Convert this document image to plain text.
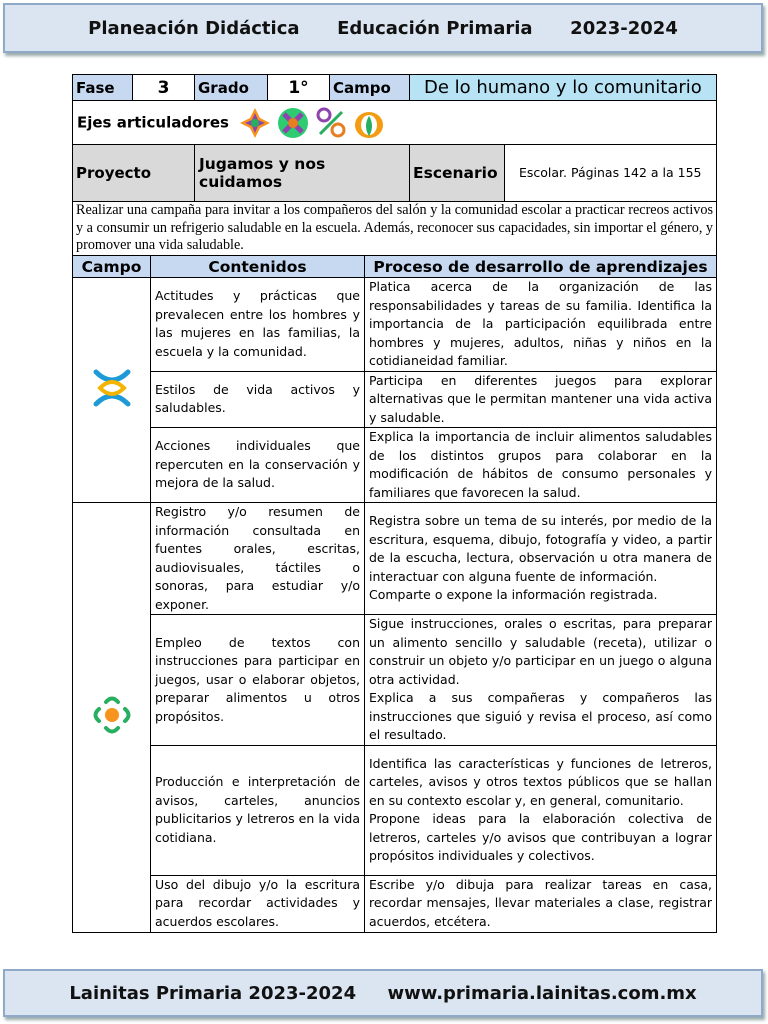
Planeación Didáctica
Educación Primaria
2023-2024
Fase	3	Grado	1°	Campo	De lo humano y lo comunitario
Ejes articuladores

Proyecto	Jugamos y nos cuidamos		Escenario	Escolar. Páginas 142 a la 155

Realizar una campaña para invitar a los compañeros del salón y la comunidad escolar a practicar recreos activos y a consumir un refrigerio saludable en la escuela. Además, reconocer sus capacidades, sin importar el género, y promover una vida saludable.
Campo	Contenidos	Proceso de desarrollo de aprendizajes
	Actitudes y prácticas que prevalecen entre los hombres y las mujeres en las familias, la escuela y la comunidad.	Platica acerca de la organización de las responsabilidades y tareas de su familia. Identifica la importancia de la participación equilibrada entre hombres y mujeres, adultos, niñas y niños en la cotidianeidad familiar.
	Estilos de vida activos y saludables.	Participa en diferentes juegos para explorar alternativas que le permitan mantener una vida activa y saludable.
	Acciones individuales que repercuten en la conservación y mejora de la salud.	Explica la importancia de incluir alimentos saludables de los distintos grupos para colaborar en la modificación de hábitos de consumo personales y familiares que favorecen la salud.
	Registro y/o resumen de información consultada en fuentes orales, escritas, audiovisuales, táctiles o sonoras, para estudiar y/o exponer.	Registra sobre un tema de su interés, por medio de la escritura, esquema, dibujo, fotografía y video, a partir de la escucha, lectura, observación u otra manera de interactuar con alguna fuente de información.
Comparte o expone la información registrada.

	Empleo de textos con instrucciones para participar en juegos, usar o elaborar objetos, preparar alimentos u otros propósitos.	Sigue instrucciones, orales o escritas, para preparar un alimento sencillo y saludable (receta), utilizar o construir un objeto y/o participar en un juego o alguna otra actividad.
Explica a sus compañeras y compañeros las instrucciones que siguió y revisa el proceso, así como el resultado.

	Producción e interpretación de avisos, carteles, anuncios publicitarios y letreros en la vida cotidiana.	Identifica las características y funciones de letreros, carteles, avisos y otros textos públicos que se hallan en su contexto escolar y, en general, comunitario.
Propone ideas para la elaboración colectiva de letreros, carteles y/o avisos que contribuyan a lograr propósitos individuales y colectivos.

	Uso del dibujo y/o la escritura para recordar actividades y acuerdos escolares.	Escribe y/o dibuja para realizar tareas en casa, recordar mensajes, llevar materiales a clase, registrar acuerdos, etcétera.
Lainitas Primaria 2023-2024
www.primaria.lainitas.com.mx
